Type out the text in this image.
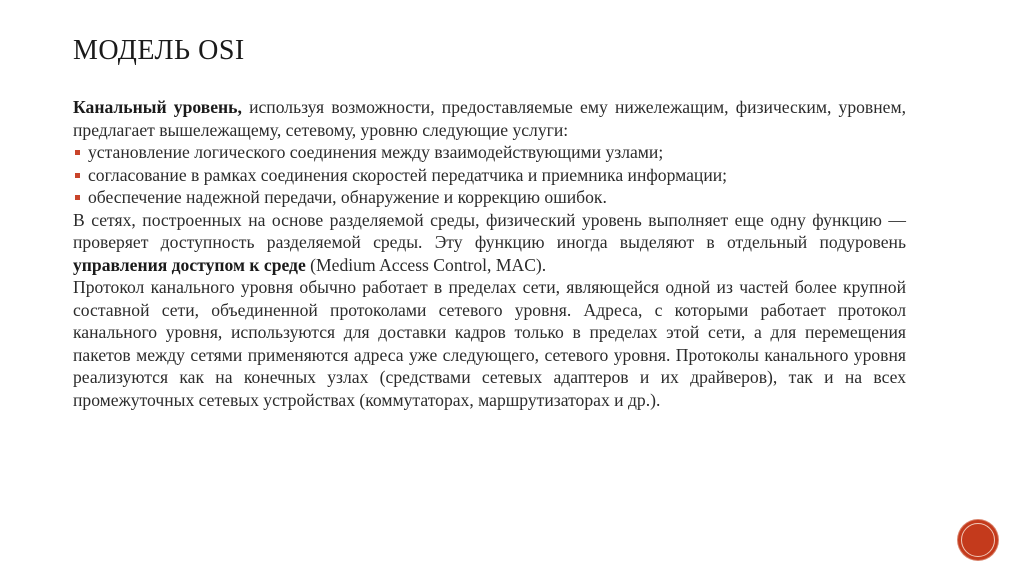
МОДЕЛЬ OSI

Канальный уровень, используя возможности, предоставляемые ему нижележащим, физическим, уровнем, предлагает вышележащему, сетевому, уровню следующие услуги:

установление логического соединения между взаимодействующими узлами;
согласование в рамках соединения скоростей передатчика и приемника информации;
обеспечение надежной передачи, обнаружение и коррекцию ошибок.

В сетях, построенных на основе разделяемой среды, физический уровень выполняет еще одну функцию — проверяет доступность разделяемой среды. Эту функцию иногда выделяют в отдельный подуровень управления доступом к среде (Medium Access Control, MAC).

Протокол канального уровня обычно работает в пределах сети, являющейся одной из частей более крупной составной сети, объединенной протоколами сетевого уровня. Адреса, с которыми работает протокол канального уровня, используются для доставки кадров только в пределах этой сети, а для перемещения пакетов между сетями применяются адреса уже следующего, сетевого уровня. Протоколы канального уровня реализуются как на конечных узлах (средствами сетевых адаптеров и их драйверов), так и на всех промежуточных сетевых устройствах (коммутаторах, маршрутизаторах и др.).
